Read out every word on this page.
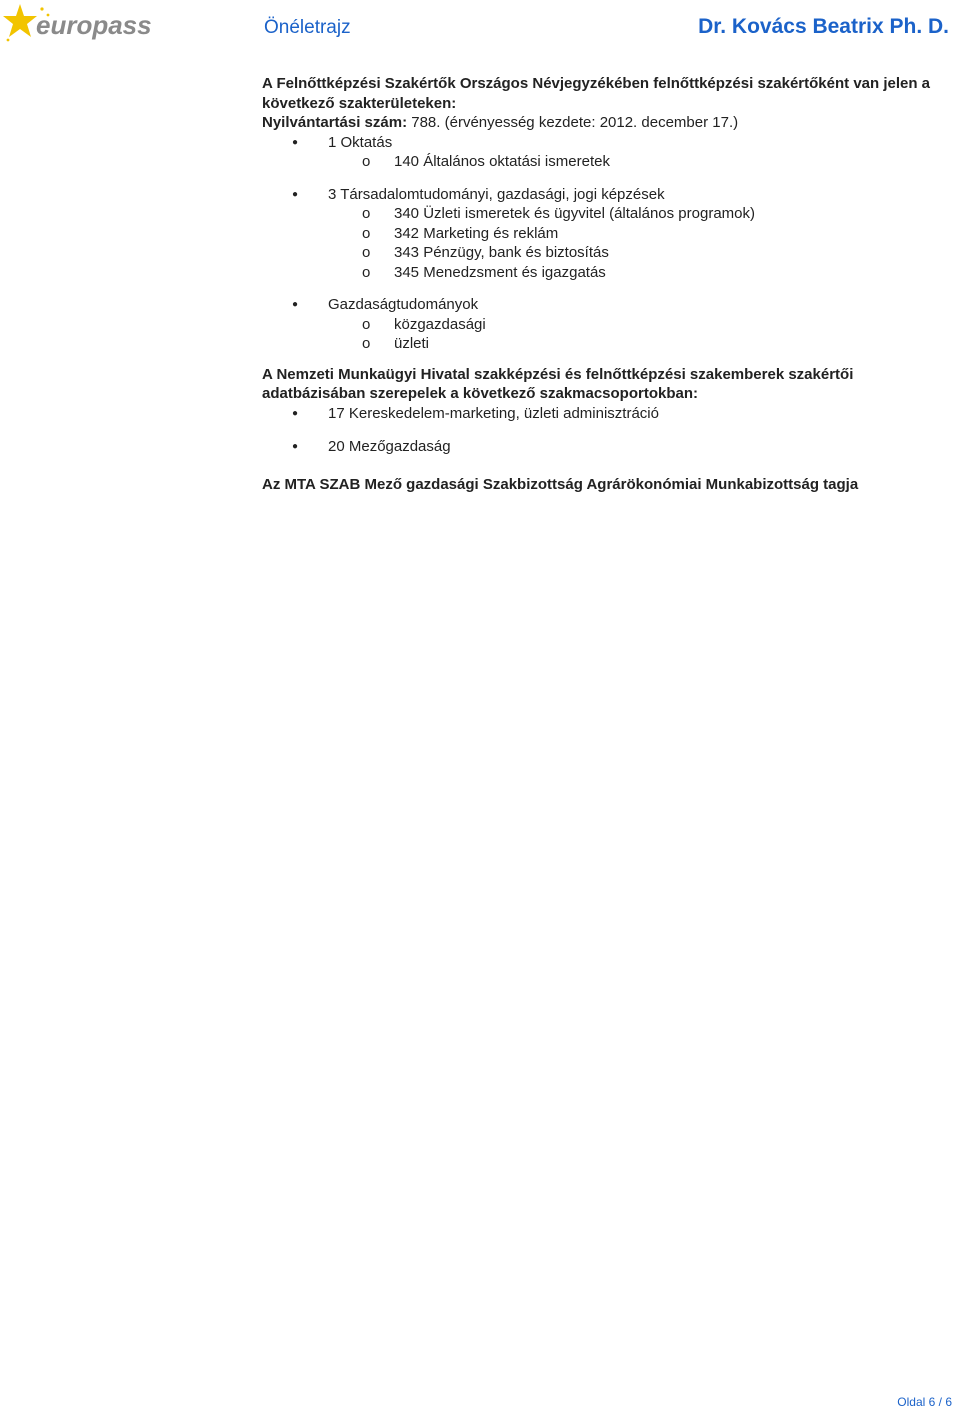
europass	Önéletrajz	Dr. Kovács Beatrix Ph. D.
A Felnőttképzési Szakértők Országos Névjegyzékében felnőttképzési szakértőként van jelen a
következő szakterületeken:
Nyilvántartási szám: 788. (érvényesség kezdete: 2012. december 17.)
● 1 Oktatás
o 140 Általános oktatási ismeretek
● 3 Társadalomtudományi, gazdasági, jogi képzések
o 340 Üzleti ismeretek és ügyvitel (általános programok)
o 342 Marketing és reklám
o 343 Pénzügy, bank és biztosítás
o 345 Menedzsment és igazgatás
● Gazdaságtudományok
o közgazdasági
o üzleti
A Nemzeti Munkaügyi Hivatal szakképzési és felnőttképzési szakemberek szakértői
adatbázisában szerepelek a következő szakmacsoportokban:
● 17 Kereskedelem-marketing, üzleti adminisztráció
● 20 Mezőgazdaság
Az MTA SZAB Mező gazdasági Szakbizottság Agrárökonómiai Munkabizottság tagja
Oldal 6 / 6
